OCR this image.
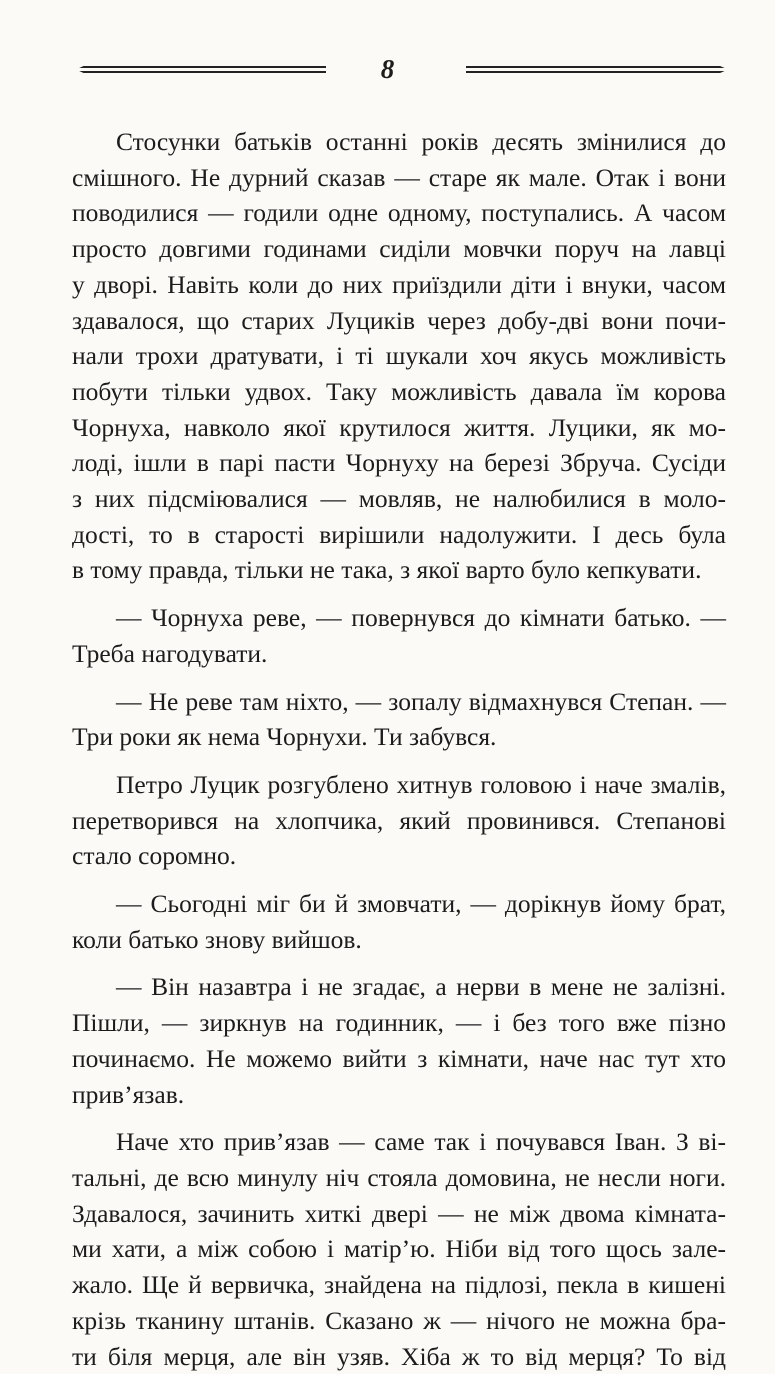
8
Стосунки батьків останні років десять змінилися до
смішного. Не дурний сказав — старе як мале. Отак і вони
поводилися — годили одне одному, поступались. А часом
просто довгими годинами сиділи мовчки поруч на лавці
у дворі. Навіть коли до них приїздили діти і внуки, часом
здавалося, що старих Луциків через добу-дві вони почи-
нали трохи дратувати, і ті шукали хоч якусь можливість
побути тільки удвох. Таку можливість давала їм корова
Чорнуха, навколо якої крутилося життя. Луцики, як мо-
лоді, ішли в парі пасти Чорнуху на березі Збруча. Сусіди
з них підсміювалися — мовляв, не налюбилися в моло-
дості, то в старості вирішили надолужити. І десь була
в тому правда, тільки не така, з якої варто було кепкувати.
— Чорнуха реве, — повернувся до кімнати батько. —
Треба нагодувати.
— Не реве там ніхто, — зопалу відмахнувся Степан. —
Три роки як нема Чорнухи. Ти забувся.
Петро Луцик розгублено хитнув головою і наче змалів,
перетворився на хлопчика, який провинився. Степанові
стало соромно.
— Сьогодні міг би й змовчати, — дорікнув йому брат,
коли батько знову вийшов.
— Він назавтра і не згадає, а нерви в мене не залізні.
Пішли, — зиркнув на годинник, — і без того вже пізно
починаємо. Не можемо вийти з кімнати, наче нас тут хто
прив’язав.
Наче хто прив’язав — саме так і почувався Іван. З ві-
тальні, де всю минулу ніч стояла домовина, не несли ноги.
Здавалося, зачинить хиткі двері — не між двома кімната-
ми хати, а між собою і матір’ю. Ніби від того щось зале-
жало. Ще й вервичка, знайдена на підлозі, пекла в кишені
крізь тканину штанів. Сказано ж — нічого не можна бра-
ти біля мерця, але він узяв. Хіба ж то від мерця? То від
